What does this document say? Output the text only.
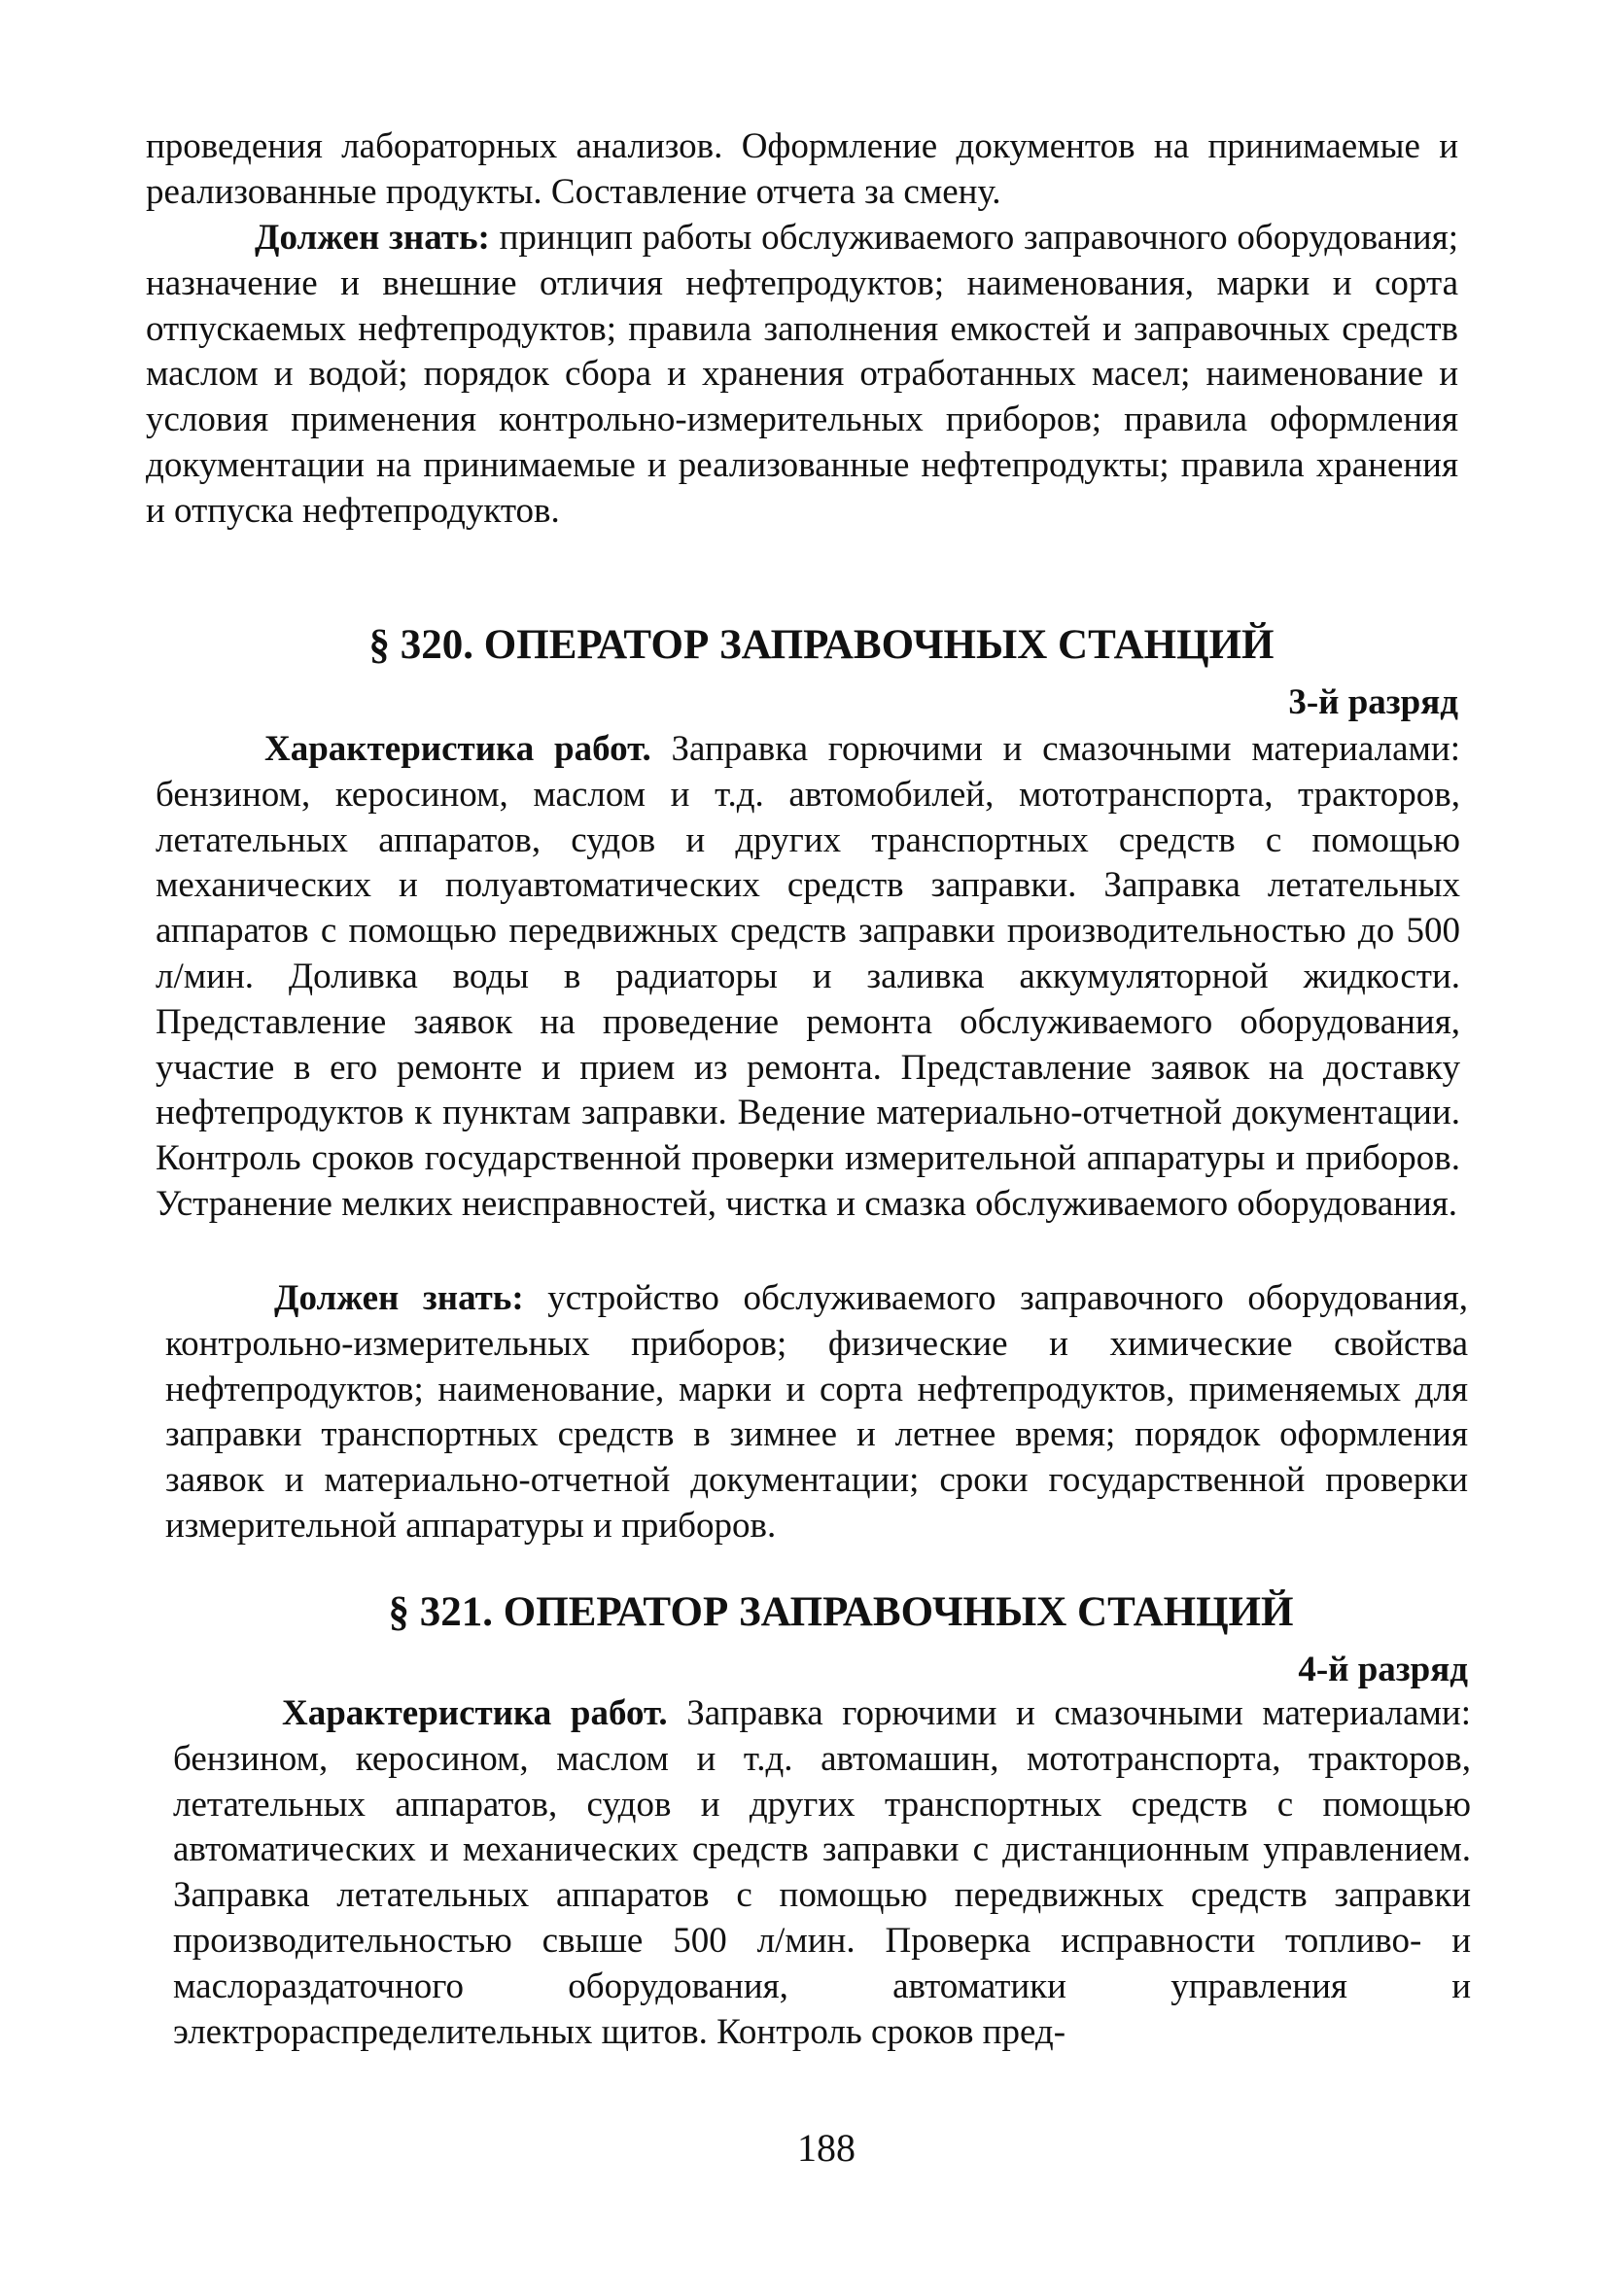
проведения лабораторных анализов. Оформление документов на принимаемые и реализованные продукты. Составление отчета за смену.

Должен знать: принцип работы обслуживаемого заправочного оборудования; назначение и внешние отличия нефтепродуктов; наименования, марки и сорта отпускаемых нефтепродуктов; правила заполнения емкостей и заправочных средств маслом и водой; порядок сбора и хранения отработанных масел; наименование и условия применения контрольно-измерительных приборов; правила оформления документации на принимаемые и реализованные нефтепродукты; правила хранения и отпуска нефтепродуктов.

§ 320. ОПЕРАТОР ЗАПРАВОЧНЫХ СТАНЦИЙ

3-й разряд

Характеристика работ. Заправка горючими и смазочными материалами: бензином, керосином, маслом и т.д. автомобилей, мототранспорта, тракторов, летательных аппаратов, судов и других транспортных средств с помощью механических и полуавтоматических средств заправки. Заправка летательных аппаратов с помощью передвижных средств заправки производительностью до 500 л/мин. Доливка воды в радиаторы и заливка аккумуляторной жидкости. Представление заявок на проведение ремонта обслуживаемого оборудования, участие в его ремонте и прием из ремонта. Представление заявок на доставку нефтепродуктов к пунктам заправки. Ведение материально-отчетной документации. Контроль сроков государственной проверки измерительной аппаратуры и приборов. Устранение мелких неисправностей, чистка и смазка обслуживаемого оборудования.

Должен знать: устройство обслуживаемого заправочного оборудования, контрольно-измерительных приборов; физические и химические свойства нефтепродуктов; наименование, марки и сорта нефтепродуктов, применяемых для заправки транспортных средств в зимнее и летнее время; порядок оформления заявок и материально-отчетной документации; сроки государственной проверки измерительной аппаратуры и приборов.

§ 321. ОПЕРАТОР ЗАПРАВОЧНЫХ СТАНЦИЙ

4-й разряд

Характеристика работ. Заправка горючими и смазочными материалами: бензином, керосином, маслом и т.д. автомашин, мототранспорта, тракторов, летательных аппаратов, судов и других транспортных средств с помощью автоматических и механических средств заправки с дистанционным управлением. Заправка летательных аппаратов с помощью передвижных средств заправки производительностью свыше 500 л/мин. Проверка исправности топливо- и маслораздаточного оборудования, автоматики управления и электрораспределительных щитов. Контроль сроков пред-

188
